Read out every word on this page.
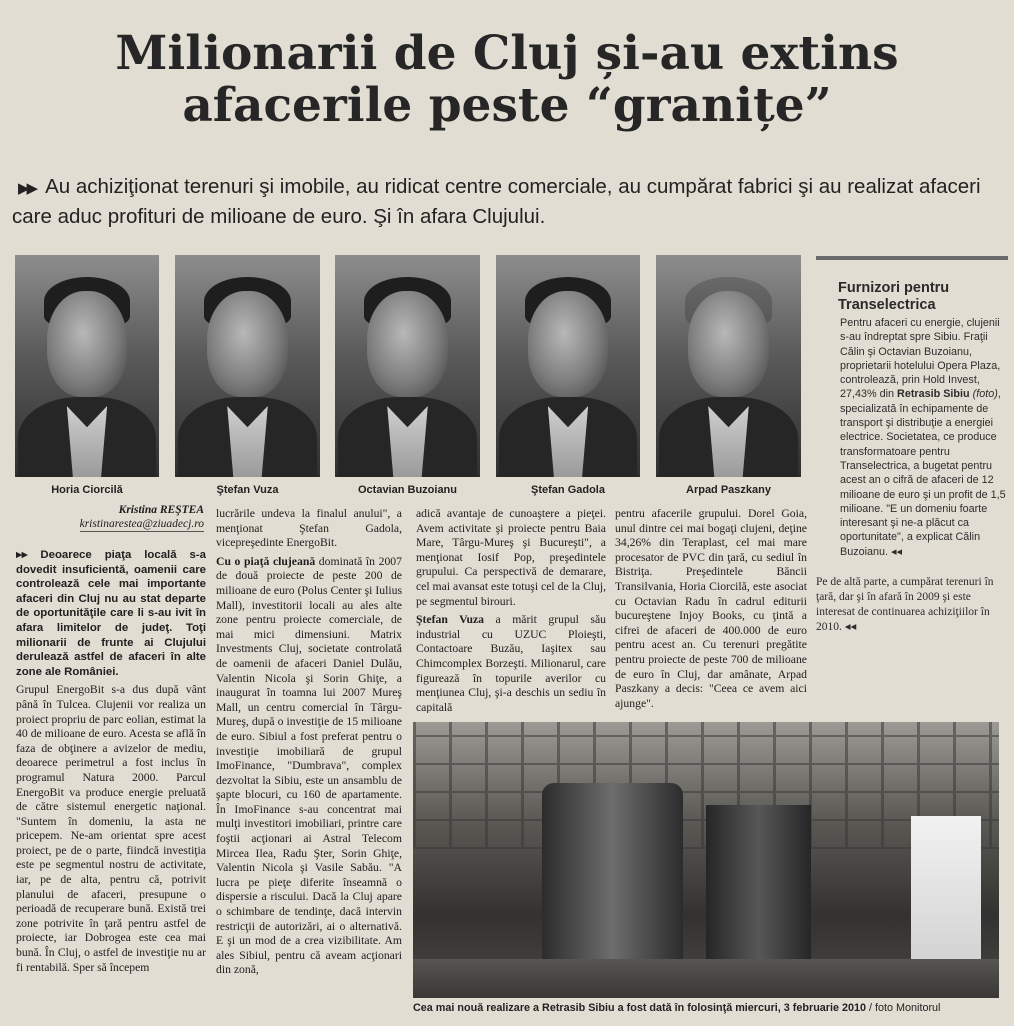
Milionarii de Cluj și-au extins
afacerile peste “granițe”

▶▶ Au achiziţionat terenuri şi imobile, au ridicat centre comerciale, au cumpărat fabrici şi au realizat afaceri care aduc profituri de milioane de euro. Şi în afara Clujului.

Horia Ciorcilă	Ştefan Vuza	Octavian Buzoianu	Ştefan Gadola	Arpad Paszkany
Furnizori pentru Transelectrica

Pentru afaceri cu energie, clujenii s-au îndreptat spre Sibiu. Fraţii Călin şi Octavian Buzoianu, proprietarii hotelului Opera Plaza, controlează, prin Hold Invest, 27,43% din Retrasib Sibiu (foto), specializată în echipamente de transport şi distribuţie a energiei electrice. Societatea, ce produce transformatoare pentru Transelectrica, a bugetat pentru acest an o cifră de afaceri de 12 milioane de euro şi un profit de 1,5 milioane. "E un domeniu foarte interesant şi ne-a plăcut ca oportunitate", a explicat Călin Buzoianu. ◂◂

Pe de altă parte, a cumpărat terenuri în ţară, dar şi în afară în 2009 şi este interesat de continuarea achiziţiilor în 2010. ◂◂

Kristina REŞTEA
kristinarestea@ziuadecj.ro

▸▸ Deoarece piaţa locală s-a dovedit insuficientă, oamenii care controlează cele mai importante afaceri din Cluj nu au stat departe de oportunităţile care li s-au ivit în afara limitelor de judeţ. Toţi milionarii de frunte ai Clujului derulează astfel de afaceri în alte zone ale României.

Grupul EnergoBit s-a dus după vânt până în Tulcea. Clujenii vor realiza un proiect propriu de parc eolian, estimat la 40 de milioane de euro. Acesta se află în faza de obţinere a avizelor de mediu, deoarece perimetrul a fost inclus în programul Natura 2000. Parcul EnergoBit va produce energie preluată de către sistemul energetic naţional. "Suntem în domeniu, la asta ne pricepem. Ne-am orientat spre acest proiect, pe de o parte, fiindcă investiţia este pe segmentul nostru de activitate, iar, pe de alta, pentru că, potrivit planului de afaceri, presupune o perioadă de recuperare bună. Există trei zone potrivite în ţară pentru astfel de proiecte, iar Dobrogea este cea mai bună. În Cluj, o astfel de investiţie nu ar fi rentabilă. Sper să începem

lucrările undeva la finalul anului", a menţionat Ştefan Gadola, vicepreşedinte EnergoBit.

Cu o piaţă clujeană dominată în 2007 de două proiecte de peste 200 de milioane de euro (Polus Center şi Iulius Mall), investitorii locali au ales alte zone pentru proiecte comerciale, de mai mici dimensiuni. Matrix Investments Cluj, societate controlată de oamenii de afaceri Daniel Dulău, Valentin Nicola şi Sorin Ghiţe, a inaugurat în toamna lui 2007 Mureş Mall, un centru comercial în Târgu-Mureş, după o investiţie de 15 milioane de euro. Sibiul a fost preferat pentru o investiţie imobiliară de grupul ImoFinance, "Dumbrava", complex dezvoltat la Sibiu, este un ansamblu de şapte blocuri, cu 160 de apartamente. În ImoFinance s-au concentrat mai mulţi investitori imobiliari, printre care foştii acţionari ai Astral Telecom Mircea Ilea, Radu Şter, Sorin Ghiţe, Valentin Nicola şi Vasile Sabău. "A lucra pe pieţe diferite înseamnă o dispersie a riscului. Dacă la Cluj apare o schimbare de tendinţe, dacă intervin restricţii de autorizări, ai o alternativă. E şi un mod de a crea vizibilitate. Am ales Sibiul, pentru că aveam acţionari din zonă,

adică avantaje de cunoaştere a pieţei. Avem activitate şi proiecte pentru Baia Mare, Târgu-Mureş şi Bucureşti", a menţionat Iosif Pop, preşedintele grupului. Ca perspectivă de demarare, cel mai avansat este totuşi cel de la Cluj, pe segmentul birouri.

Ştefan Vuza a mărit grupul său industrial cu UZUC Ploieşti, Contactoare Buzău, Iaşitex sau Chimcomplex Borzeşti. Milionarul, care figurează în topurile averilor cu menţiunea Cluj, şi-a deschis un sediu în capitală

pentru afacerile grupului. Dorel Goia, unul dintre cei mai bogaţi clujeni, deţine 34,26% din Teraplast, cel mai mare procesator de PVC din ţară, cu sediul în Bistriţa. Preşedintele Băncii Transilvania, Horia Ciorcilă, este asociat cu Octavian Radu în cadrul editurii bucureştene Injoy Books, cu ţintă a cifrei de afaceri de 400.000 de euro pentru acest an. Cu terenuri pregătite pentru proiecte de peste 700 de milioane de euro în Cluj, dar amânate, Arpad Paszkany a decis: "Ceea ce avem aici ajunge".

Cea mai nouă realizare a Retrasib Sibiu a fost dată în folosinţă miercuri, 3 februarie 2010 / foto Monitorul
